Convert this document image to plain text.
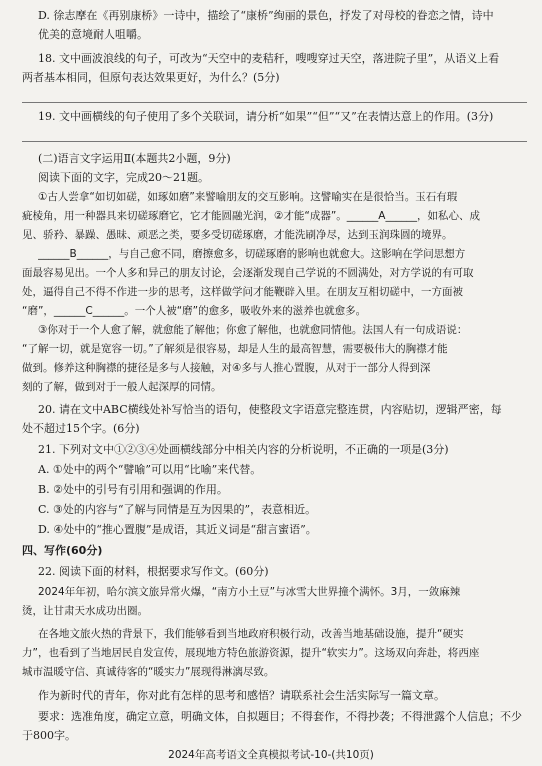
D. 徐志摩在《再别康桥》一诗中，描绘了“康桥”绚丽的景色，抒发了对母校的眷恋之情，诗中
优美的意境耐人咀嚼。
18. 文中画波浪线的句子，可改为“天空中的麦秸秆，嗖嗖穿过天空，落进院子里”，从语义上看
两者基本相同，但原句表达效果更好，为什么？(5分)
19. 文中画横线的句子使用了多个关联词，请分析“如果”“但”“又”在表情达意上的作用。(3分)
(二)语言文字运用Ⅱ(本题共2小题，9分)
阅读下面的文字，完成20～21题。
①古人尝拿“如切如磋，如琢如磨”来譬喻朋友的交互影响。这譬喻实在是很恰当。玉石有瑕
疵棱角，用一种器具来切磋琢磨它，它才能圆融光润，②才能“成器”。______A______，如私心、成
见、骄矜、暴躁、愚昧、顽恶之类，要多受切磋琢磨，才能洗刷净尽，达到玉润珠圆的境界。
______B______，与自己愈不同，磨擦愈多，切磋琢磨的影响也就愈大。这影响在学问思想方
面最容易见出。一个人多和异己的朋友讨论，会逐渐发现自己学说的不圆满处，对方学说的有可取
处，逼得自己不得不作进一步的思考，这样做学问才能鞭辟入里。在朋友互相切磋中，一方面被
“磨”，______C______。一个人被“磨”的愈多，吸收外来的滋养也就愈多。
③你对于一个人愈了解，就愈能了解他；你愈了解他，也就愈同情他。法国人有一句成语说：
“了解一切，就是宽容一切。”了解须是很容易，却是人生的最高智慧，需要极伟大的胸襟才能
做到。修养这种胸襟的捷径是多与人接触，对④多与人推心置腹，从对于一部分人得到深
刻的了解，做到对于一般人起深厚的同情。
20. 请在文中ABC横线处补写恰当的语句，使整段文字语意完整连贯，内容贴切，逻辑严密，每
处不超过15个字。(6分)
21. 下列对文中①②③④处画横线部分中相关内容的分析说明，不正确的一项是(3分)
A. ①处中的两个“譬喻”可以用“比喻”来代替。
B. ②处中的引号有引用和强调的作用。
C. ③处的内容与“了解与同情是互为因果的”，表意相近。
D. ④处中的“推心置腹”是成语，其近义词是“甜言蜜语”。
四、写作(60分)
22. 阅读下面的材料，根据要求写作文。(60分)
2024年年初，哈尔滨文旅异常火爆，“南方小土豆”与冰雪大世界撞个满怀。3月，一敛麻辣
烫，让甘肃天水成功出圈。
在各地文旅火热的背景下，我们能够看到当地政府积极行动，改善当地基础设施，提升“硬实
力”，也看到了当地居民自发宣传，展现地方特色旅游资源，提升“软实力”。这场双向奔赴，将西座
城市温暖守信、真诚待客的“暖实力”展现得淋漓尽致。
作为新时代的青年，你对此有怎样的思考和感悟？请联系社会生活实际写一篇文章。
要求：选准角度，确定立意，明确文体，自拟题目；不得套作，不得抄袭；不得泄露个人信息；不少
于800字。
2024年高考语文全真模拟考试-10-(共10页)
